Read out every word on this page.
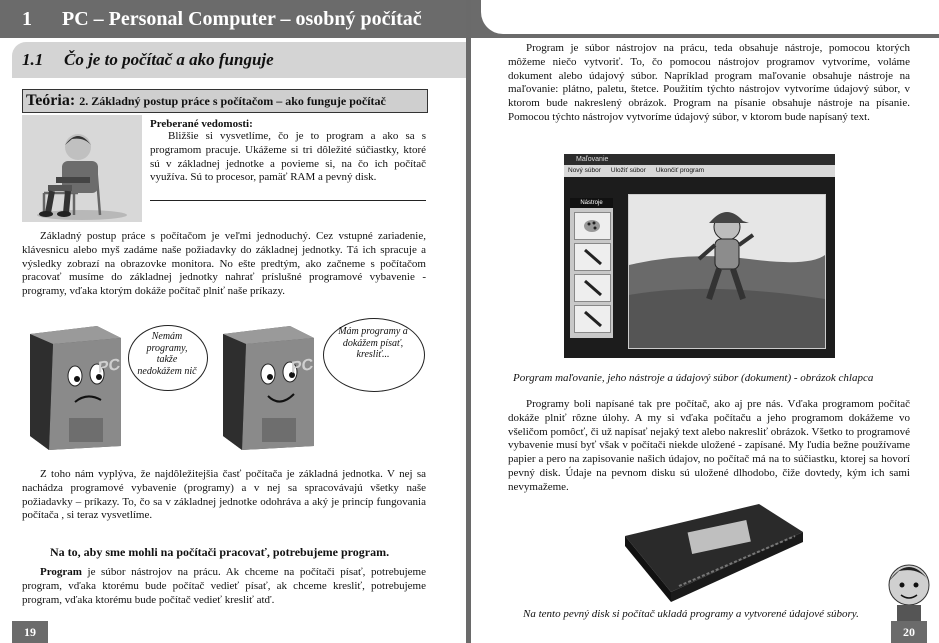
1 PC – Personal Computer – osobný počítač
1.1 Čo je to počítač a ako funguje
Teória: 2. Základný postup práce s počítačom – ako funguje počítač
Preberané vedomosti:
Bližšie si vysvetlíme, čo je to program a ako sa s programom pracuje. Ukážeme si tri dôležité súčiastky, ktoré sú v základnej jednotke a povieme si, na čo ich počítač využíva. Sú to procesor, pamäť RAM a pevný disk.
Základný postup práce s počítačom je veľmi jednoduchý. Cez vstupné zariadenie, klávesnicu alebo myš zadáme naše požiadavky do základnej jednotky. Tá ich spracuje a výsledky zobrazí na obrazovke monitora. No ešte predtým, ako začneme s počítačom pracovať musíme do základnej jednotky nahrať príslušné programové vybavenie - programy, vďaka ktorým dokáže počítač plniť naše príkazy.
PC
Nemám programy, takže nedokážem nič	PC
Mám programy a dokážem písať, kresliť...
Z toho nám vyplýva, že najdôležitejšia časť počítača je základná jednotka. V nej sa nachádza programové vybavenie (programy) a v nej sa spracovávajú všetky naše požiadavky – príkazy. To, čo sa v základnej jednotke odohráva a aký je princíp fungovania počítača , si teraz vysvetlíme.
Na to, aby sme mohli na počítači pracovať, potrebujeme program.
Program je súbor nástrojov na prácu. Ak chceme na počítači písať, potrebujeme program, vďaka ktorému bude počítač vedieť písať, ak chceme kresliť, potrebujeme program, vďaka ktorému bude počítač vedieť kresliť atď.
19
Program je súbor nástrojov na prácu, teda obsahuje nástroje, pomocou ktorých môžeme niečo vytvoriť. To, čo pomocou nástrojov programov vytvoríme, voláme dokument alebo údajový súbor. Napríklad program maľovanie obsahuje nástroje na maľovanie: plátno, paletu, štetce. Použitím týchto nástrojov vytvoríme údajový súbor, v ktorom bude nakreslený obrázok. Program na písanie obsahuje nástroje na písanie. Pomocou týchto nástrojov vytvoríme údajový súbor, v ktorom bude napísaný text.
Maľovanie
Nový súbor Uložiť súbor Ukončiť program
Nástroje
Porgram maľovanie, jeho nástroje a údajový súbor (dokument) - obrázok chlapca
Programy boli napísané tak pre počítač, ako aj pre nás. Vďaka programom počítač dokáže plniť rôzne úlohy. A my si vďaka počítaču a jeho programom dokážeme vo všeličom pomôcť, či už napísať nejaký text alebo nakresliť obrázok. Všetko to programové vybavenie musí byť však v počítači niekde uložené - zapísané. My ľudia bežne používame papier a pero na zapisovanie našich údajov, no počítač má na to súčiastku, ktorej sa hovorí pevný disk. Údaje na pevnom disku sú uložené dlhodobo, čiže dovtedy, kým ich sami nevymažeme.
Na tento pevný disk si počítač ukladá programy a vytvorené údajové súbory.
20
